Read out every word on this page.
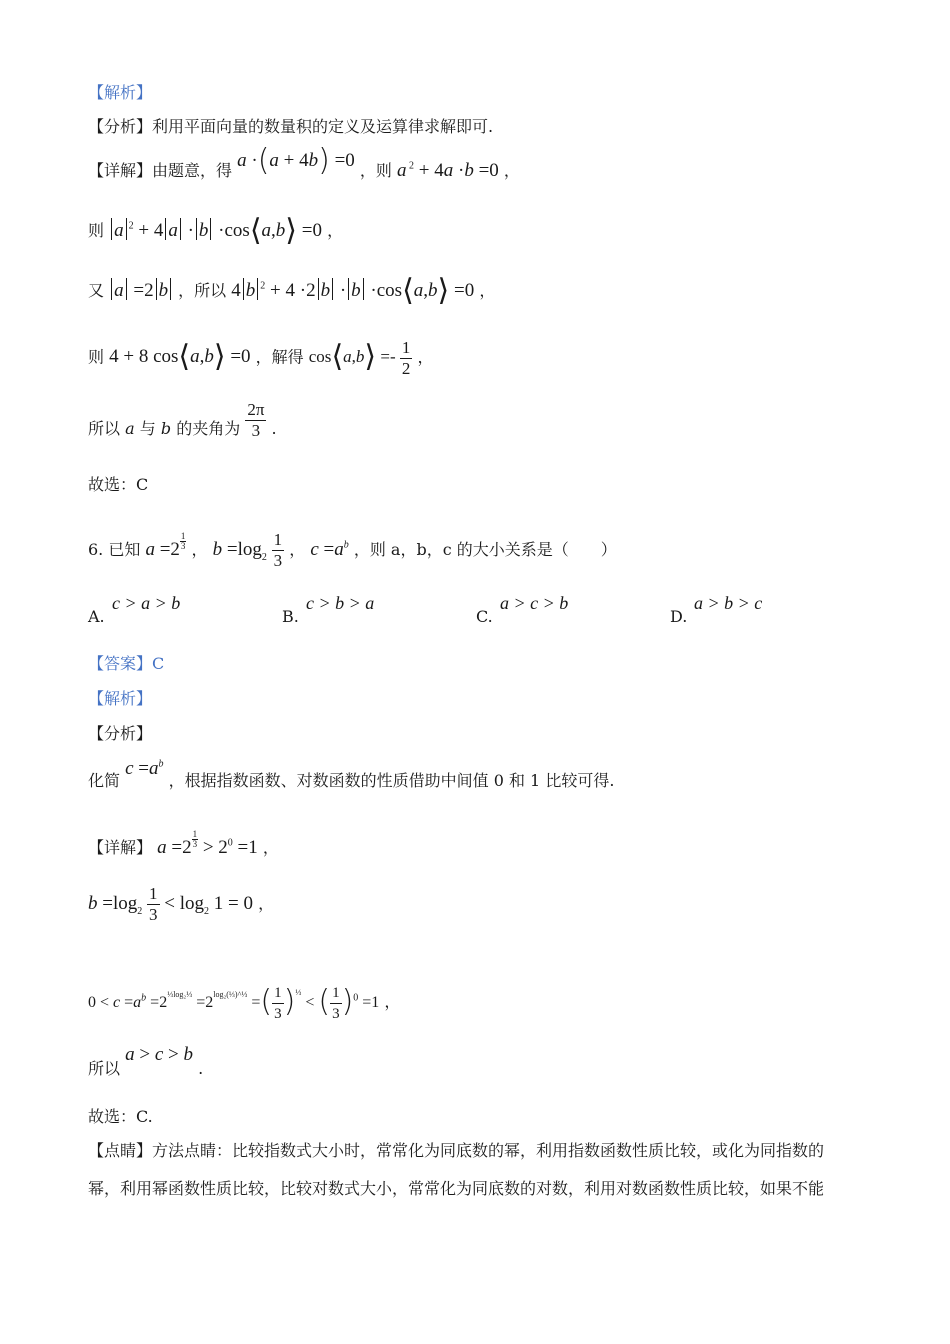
【解析】
【分析】利用平面向量的数量积的定义及运算律求解即可.
【详解】由题意，得 a ·(a + 4b) =0 ，则 a $^2$ + 4a ·b =0 ，
则 a $^2$ + 4 a · b ·cos⟨a,b⟩ =0 ，
又 a =2 b ，所以 4 b $^2$ + 4 ·2 b · b ·cos⟨a,b⟩ =0 ，
则 4 + 8 cos⟨a,b⟩ =0 ，解得 cos⟨a,b⟩ =- $\frac{1}{2}$ ，
所以 a 与 b 的夹角为 $\frac{2\pi}{3}$ .
故选：C
6. 已知 $a =2 \frac{1}{3}$ ， $b =\log_2 \frac{1}{3}$ ， $c =a^b$ ，则 a，b，c 的大小关系是（　　）
A.
c > a > b
B.
c > b > a
C.
a > c > b
D.
a > b > c
【答案】C
【解析】
【分析】
化简 $c =a^b$ ，根据指数函数、对数函数的性质借助中间值 0 和 1 比较可得.
【详解】 $a =2 \frac{1}{3} > 2^0 =1$ ，
$b =\log_2 \frac{1}{3} < \log_2 1 = 0$ ，
$0 < c =a^b =2^{\frac{1}{3}log_2\frac{1}{3}} =2^{log_2(\frac{1}{3})\^{}\frac{1}{3}}$ =( $\frac{1}{3} )^{\frac{1}{3}}$ < ( $\frac{1}{3} )^0 =1$ ，
所以 a > c > b .
故选：C.
【点睛】方法点睛：比较指数式大小时，常常化为同底数的幂，利用指数函数性质比较，或化为同指数的
幂，利用幂函数性质比较，比较对数式大小，常常化为同底数的对数，利用对数函数性质比较，如果不能
